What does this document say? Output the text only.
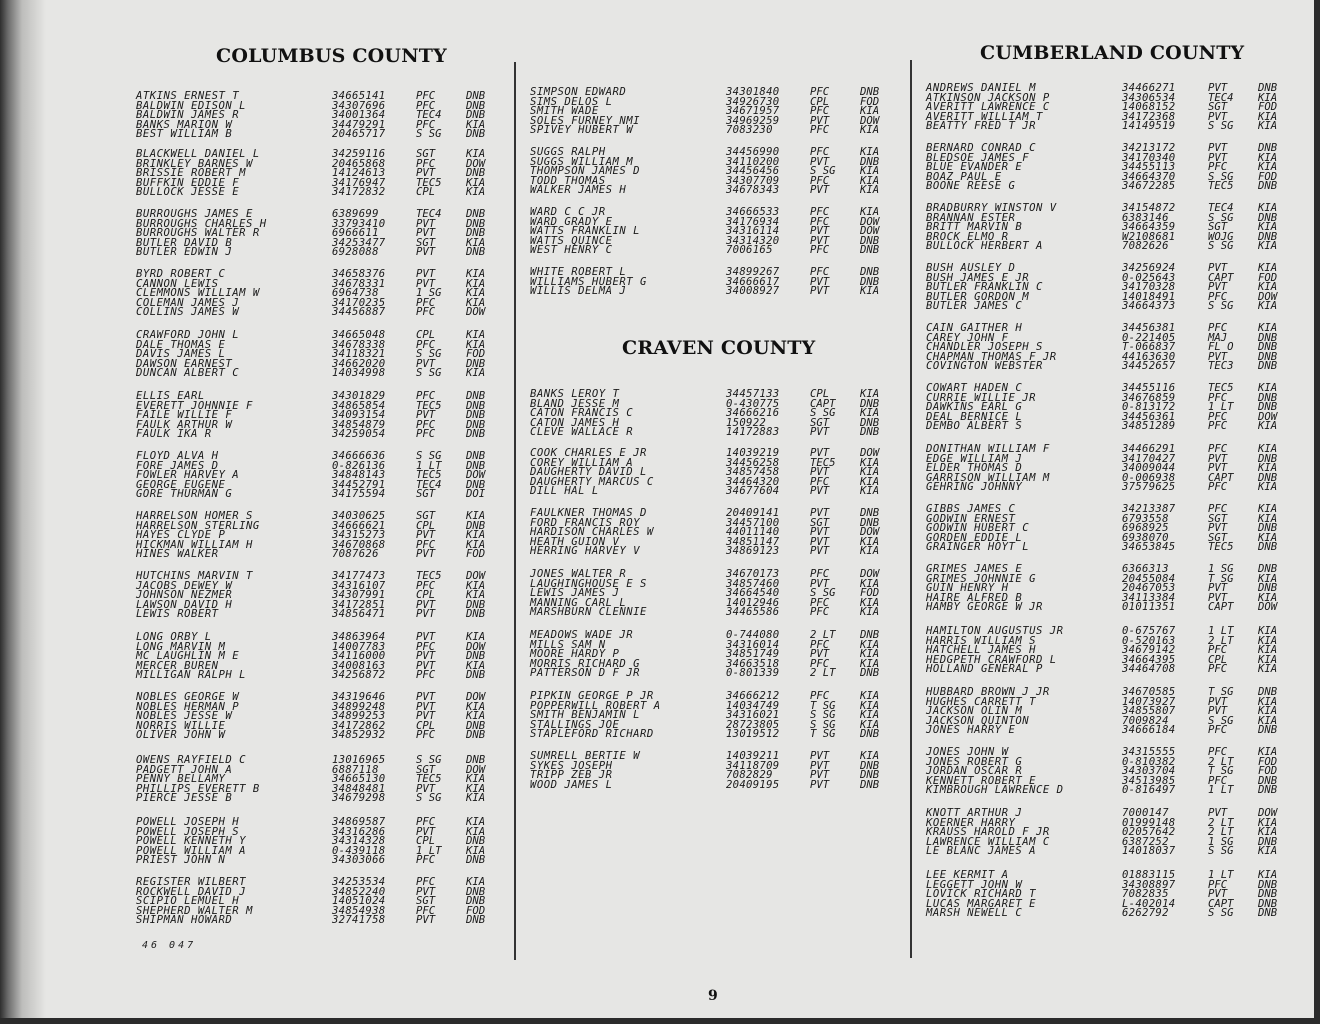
COLUMBUS COUNTY
ATKINS ERNEST T	34665141	PFC	DNB
BALDWIN EDISON L	34307696	PFC	DNB
BALDWIN JAMES R	34001364	TEC4 DNB
BANKS MARION W	34479291	PFC	KIA
BEST WILLIAM B	20465717	S SG DNB
BLACKWELL DANIEL L	34259116	SGT	KIA
BRINKLEY BARNES W	20465868	PFC	DOW
BRISSIE ROBERT M	14124613	PVT	DNB
BUFFKIN EDDIE F	34176947	TEC5 KIA
BULLOCK JESSE E	34172832	CPL	KIA
BURROUGHS JAMES E	6389699	TEC4 DNB
BURROUGHS CHARLES H	33793410	PVT	DNB
BURROUGHS WALTER R	6966611	PVT	DNB
BUTLER DAVID B	34253477	SGT	KIA
BUTLER EDWIN J	6928088	PVT	DNB
BYRD ROBERT C	34658376	PVT	KIA
CANNON LEWIS	34678331	PVT	KIA
CLEMMONS WILLIAM W	6964738	1 SG KIA
COLEMAN JAMES J	34170235	PFC	KIA
COLLINS JAMES W	34456887	PFC	DOW
CRAWFORD JOHN L	34665048	CPL	KIA
DALE THOMAS E	34678338	PFC	KIA
DAVIS JAMES L	34118321	S SG FOD
DAWSON EARNEST	34662020	PVT	DNB
DUNCAN ALBERT C	14034998	S SG KIA
ELLIS EARL	34301829	PFC	DNB
EVERETT JOHNNIE F	34865854	TEC5 DNB
FAILE WILLIE F	34093154	PVT	DNB
FAULK ARTHUR W	34854879	PFC	DNB
FAULK IKA R	34259054	PFC	DNB
FLOYD ALVA H	34666636	S SG DNB
FORE JAMES D	0-826136	1 LT DNB
FOWLER HARVEY A	34848143	TEC5 DOW
GEORGE EUGENE	34452791	TEC4 DNB
GORE THURMAN G	34175594	SGT	DOI
HARRELSON HOMER S	34030625	SGT	KIA
HARRELSON STERLING	34666621	CPL	DNB
HAYES CLYDE P	34315273	PVT	KIA
HICKMAN WILLIAM H	34670868	PFC	KIA
HINES WALKER	7087626	PVT	FOD
HUTCHINS MARVIN T	34177473	TEC5 DOW
JACOBS DEWEY W	34316107	PFC	KIA
JOHNSON NEZMER	34307991	CPL	KIA
LAWSON DAVID H	34172851	PVT	DNB
LEWIS ROBERT	34856471	PVT	DNB
LONG ORBY L	34863964	PVT	KIA
LONG MARVIN M	14007783	PFC	DOW
MC LAUGHLIN M E	34116000	PVT	DNB
MERCER BUREN	34008163	PVT	KIA
MILLIGAN RALPH L	34256872	PFC	DNB
NOBLES GEORGE W	34319646	PVT	DOW
NOBLES HERMAN P	34899248	PVT	KIA
NOBLES JESSE W	34899253	PVT	KIA
NORRIS WILLIE	34172862	CPL	DNB
OLIVER JOHN W	34852932	PFC	DNB
OWENS RAYFIELD C	13016965	S SG DNB
PADGETT JOHN A	6887118	SGT	DOW
PENNY BELLAMY	34665130	TEC5 KIA
PHILLIPS EVERETT B	34848481	PVT	KIA
PIERCE JESSE B	34679298	S SG KIA
POWELL JOSEPH H	34869587	PFC	KIA
POWELL JOSEPH S	34316286	PVT	KIA
POWELL KENNETH Y	34314328	CPL	DNB
POWELL WILLIAM A	0-439118	1 LT KIA
PRIEST JOHN N	34303066	PFC	DNB
REGISTER WILBERT	34253534	PFC	KIA
ROCKWELL DAVID J	34852240	PVT	DNB
SCIPIO LEMUEL H	14051024	SGT	DNB
SHEPHERD WALTER M	34854938	PFC	FOD
SHIPMAN HOWARD	32741758	PVT	DNB
SIMPSON EDWARD	34301840	PFC	DNB
SIMS DELOS L	34926730	CPL	FOD
SMITH WADE	34671957	PFC	KIA
SOLES FURNEY NMI	34969259	PVT	DOW
SPIVEY HUBERT W	7083230	PFC	KIA
SUGGS RALPH	34456990	PFC	KIA
SUGGS WILLIAM M	34110200	PVT	DNB
THOMPSON JAMES D	34456456	S SG KIA
TODD THOMAS	34307709	PFC	KIA
WALKER JAMES H	34678343	PVT	KIA
WARD C C JR	34666533	PFC	KIA
WARD GRADY E	34176934	PFC	DOW
WATTS FRANKLIN L	34316114	PVT	DOW
WATTS QUINCE	34314320	PVT	DNB
WEST HENRY C	7006165	PFC	DNB
WHITE ROBERT L	34899267	PFC	DNB
WILLIAMS HUBERT G	34666617	PVT	DNB
WILLIS DELMA J	34008927	PVT	KIA
CRAVEN COUNTY
BANKS LEROY T	34457133	CPL	KIA
BLAND JESSE M	0-430775	CAPT DNB
CATON FRANCIS C	34666216	S SG KIA
CATON JAMES H	150922	SGT	DNB
CLEVE WALLACE R	14172883	PVT	DNB
COOK CHARLES E JR	14039219	PVT	DOW
COREY WILLIAM A	34456258	TEC5 KIA
DAUGHERTY DAVID L	34857458	PVT	KIA
DAUGHERTY MARCUS C	34464320	PFC	KIA
DILL HAL L	34677604	PVT	KIA
FAULKNER THOMAS D	20409141	PVT	DNB
FORD FRANCIS ROY	34457100	SGT	DNB
HARDISON CHARLES W	44011140	PVT	DOW
HEATH GUION V	34851147	PVT	KIA
HERRING HARVEY V	34869123	PVT	KIA
JONES WALTER R	34670173	PFC	DOW
LAUGHINGHOUSE E S	34857460	PVT	KIA
LEWIS JAMES J	34664540	S SG FOD
MANNING CARL L	14012946	PFC	KIA
MARSHBURN CLENNIE	34465586	PFC	KIA
MEADOWS WADE JR	0-744080	2 LT DNB
MILLS SAM N	34316014	PFC	KIA
MOORE HARDY P	34851749	PVT	KIA
MORRIS RICHARD G	34663518	PFC	KIA
PATTERSON D F JR	0-801339	2 LT DNB
PIPKIN GEORGE P JR	34666212	PFC	KIA
POPPERWILL ROBERT A	14034749	T SG KIA
SMITH BENJAMIN L	34316021	S SG KIA
STALLINGS JOE	28723805	S SG KIA
STAPLEFORD RICHARD	13019512	T SG DNB
SUMRELL BERTIE W	14039211	PVT	KIA
SYKES JOSEPH	34118709	PVT	DNB
TRIPP ZEB JR	7082829	PVT	DNB
WOOD JAMES L	20409195	PVT	DNB
CUMBERLAND COUNTY
ANDREWS DANIEL M	34466271	PVT	DNB
ATKINSON JACKSON P	34306534	TEC4 KIA
AVERITT LAWRENCE C	14068152	SGT	FOD
AVERITT WILLIAM T	34172368	PVT	KIA
BEATTY FRED T JR	14149519	S SG KIA
BERNARD CONRAD C	34213172	PVT	DNB
BLEDSOE JAMES F	34170340	PVT	KIA
BLUE EVANDER E	34455113	PFC	KIA
BOAZ PAUL E	34664370	S SG FOD
BOONE REESE G	34672285	TEC5 DNB
BRADBURRY WINSTON V	34154872	TEC4 KIA
BRANNAN ESTER	6383146	S SG DNB
BRITT MARVIN B	34664359	SGT	KIA
BROCK ELMO R	W2108681	WOJG DNB
BULLOCK HERBERT A	7082626	S SG KIA
BUSH AUSLEY D	34256924	PVT	KIA
BUSH JAMES E JR	0-025643	CAPT FOD
BUTLER FRANKLIN C	34170328	PVT	KIA
BUTLER GORDON M	14018491	PFC	DOW
BUTLER JAMES C	34664373	S SG KIA
CAIN GAITHER H	34456381	PFC	KIA
CAREY JOHN F	0-221405	MAJ	DNB
CHANDLER JOSEPH S	T-066837	FL O DNB
CHAPMAN THOMAS F JR	44163630	PVT	DNB
COVINGTON WEBSTER	34452657	TEC3 DNB
COWART HADEN C	34455116	TEC5 KIA
CURRIE WILLIE JR	34676859	PFC	DNB
DAWKINS EARL G	0-813172	1 LT DNB
DEAL BERNICE L	34456361	PFC	DOW
DEMBO ALBERT S	34851289	PFC	KIA
DONITHAN WILLIAM F	34466291	PFC	KIA
EDGE WILLIAM J	34170427	PVT	DNB
ELDER THOMAS D	34009044	PVT	KIA
GARRISON WILLIAM M	0-006938	CAPT DNB
GEHRING JOHNNY	37579625	PFC	KIA
GIBBS JAMES C	34213387	PFC	KIA
GODWIN ERNEST	6793558	SGT	KIA
GODWIN HUBERT C	6968925	PVT	DNB
GORDEN EDDIE L	6938070	SGT	KIA
GRAINGER HOYT L	34653845	TEC5 DNB
GRIMES JAMES E	6366313	1 SG DNB
GRIMES JOHNNIE G	20455084	T SG KIA
GUIN HENRY H	20467053	PVT	DNB
HAIRE ALFRED B	34113384	PVT	KIA
HAMBY GEORGE W JR	01011351	CAPT DOW
HAMILTON AUGUSTUS JR	0-675767	1 LT KIA
HARRIS WILLIAM S	0-520163	2 LT KIA
HATCHELL JAMES H	34679142	PFC	KIA
HEDGPETH CRAWFORD L	34664395	CPL	KIA
HOLLAND GENERAL P	34464708	PFC	KIA
HUBBARD BROWN J JR	34670585	T SG DNB
HUGHES CARRETT T	14073927	PVT	KIA
JACKSON OLIN M	34855807	PVT	KIA
JACKSON QUINTON	7009824	S SG KIA
JONES HARRY E	34666184	PFC	DNB
JONES JOHN W	34315555	PFC	KIA
JONES ROBERT G	0-810382	2 LT FOD
JORDAN OSCAR R	34303704	T SG FOD
KENNETT ROBERT E	34513985	PFC	DNB
KIMBROUGH LAWRENCE D	0-816497	1 LT DNB
KNOTT ARTHUR J	7000147	PVT	DOW
KOERNER HARRY	01999148	2 LT KIA
KRAUSS HAROLD F JR	02057642	2 LT KIA
LAWRENCE WILLIAM C	6387252	1 SG DNB
LE BLANC JAMES A	14018037	S SG KIA
LEE KERMIT A	01883115	1 LT KIA
LEGGETT JOHN W	34308897	PFC	DNB
LOVICK RICHARD T	7082835	PVT	DNB
LUCAS MARGARET E	L-402014	CAPT DNB
MARSH NEWELL C	6262792	S SG DNB
46 047
9
